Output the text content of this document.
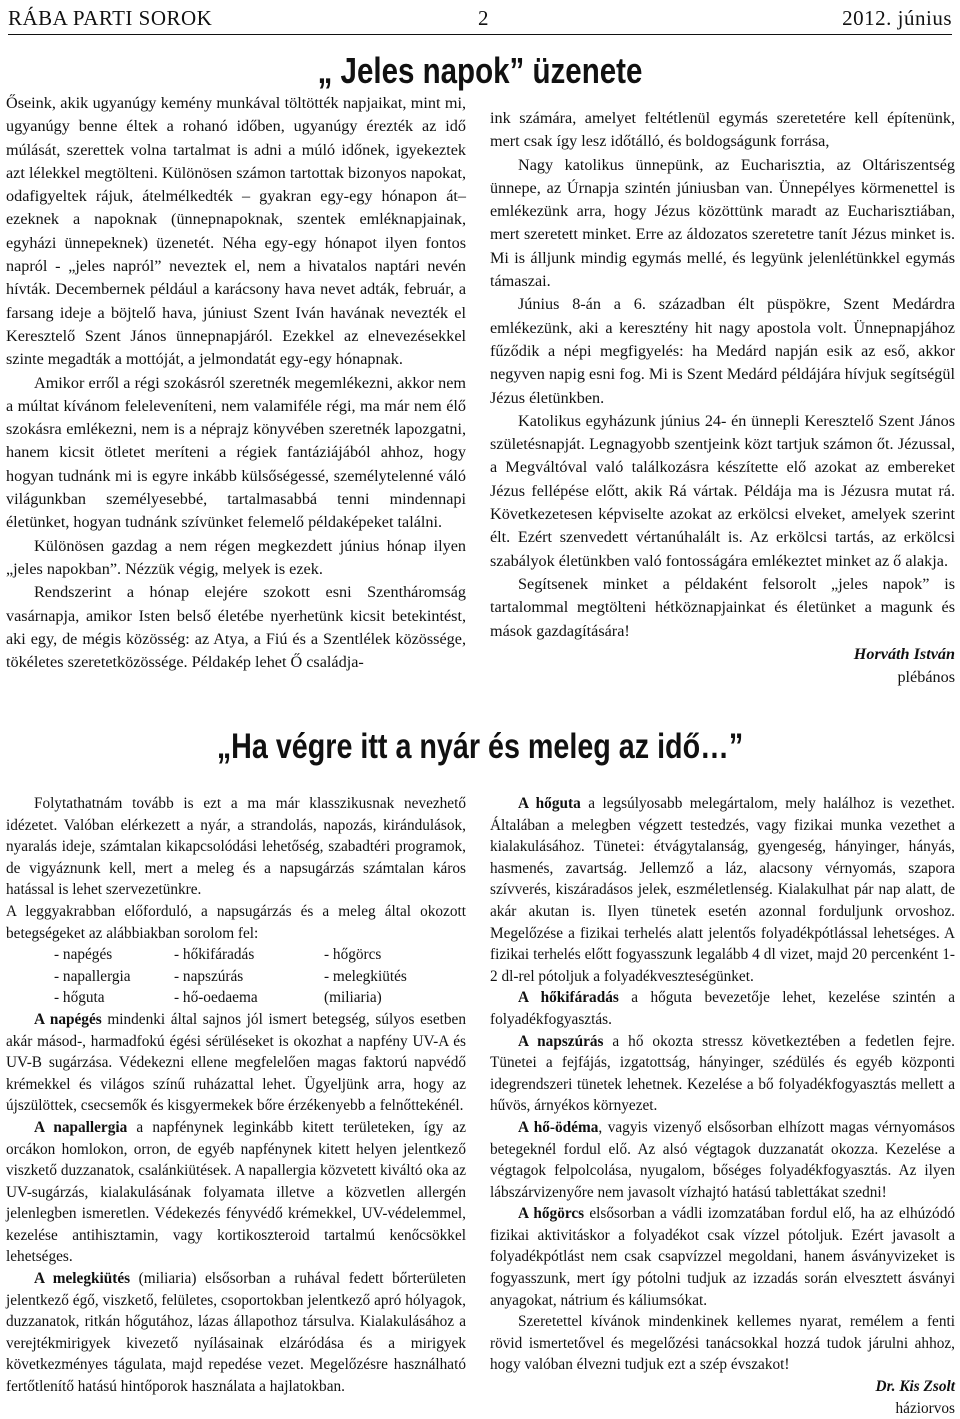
RÁBA PARTI SOROK	2	2012. június
„ Jeles napok” üzenete

Őseink, akik ugyanúgy kemény munkával töltötték napjaikat, mint mi, ugyanúgy benne éltek a rohanó időben, ugyanúgy érezték az idő múlását, szerettek volna tartalmat is adni a múló időnek, igyekeztek azt lélekkel megtölteni. Különösen számon tartottak bizonyos napokat, odafigyeltek rájuk, átelmélkedték – gyakran egy-egy hónapon át– ezeknek a napoknak (ünnepnapoknak, szentek emléknapjainak, egyházi ünnepeknek) üzenetét. Néha egy-egy hónapot ilyen fontos napról - „jeles napról” neveztek el, nem a hivatalos naptári nevén hívták. Decembernek például a karácsony hava nevet adták, február, a farsang ideje a böjtelő hava, júniust Szent Iván havának nevezték el Keresztelő Szent János ünnepnapjáról. Ezekkel az elnevezésekkel szinte megadták a mottóját, a jelmondatát egy-egy hónapnak.

Amikor erről a régi szokásról szeretnék megemlékezni, akkor nem a múltat kívánom feleleveníteni, nem valamiféle régi, ma már nem élő szokásra emlékezni, nem is a néprajz könyvében szeretnék lapozgatni, hanem kicsit ötletet meríteni a régiek fantáziájából ahhoz, hogy hogyan tudnánk mi is egyre inkább külsőségessé, személytelenné váló világunkban személyesebbé, tartalmasabbá tenni mindennapi életünket, hogyan tudnánk szívünket felemelő példaképeket találni.

Különösen gazdag a nem régen megkezdett június hónap ilyen „jeles napokban”. Nézzük végig, melyek is ezek.

Rendszerint a hónap elejére szokott esni Szentháromság vasárnapja, amikor Isten belső életébe nyerhetünk kicsit betekintést, aki egy, de mégis közösség: az Atya, a Fiú és a Szentlélek közössége, tökéletes szeretetközössége. Példakép lehet Ő családja-

ink számára, amelyet feltétlenül egymás szeretetére kell építenünk, mert csak így lesz időtálló, és boldogságunk forrása,

Nagy katolikus ünnepünk, az Eucharisztia, az Oltáriszentség ünnepe, az Úrnapja szintén júniusban van. Ünnepélyes körmenettel is emlékezünk arra, hogy Jézus közöttünk maradt az Eucharisztiában, mert szeretett minket. Erre az áldozatos szeretetre tanít Jézus minket is. Mi is álljunk mindig egymás mellé, és legyünk jelenlétünkkel egymás támaszai.

Június 8-án a 6. században élt püspökre, Szent Medárdra emlékezünk, aki a keresztény hit nagy apostola volt. Ünnepnapjához fűződik a népi megfigyelés: ha Medárd napján esik az eső, akkor negyven napig esni fog. Mi is Szent Medárd példájára hívjuk segítségül Jézus életünkben.

Katolikus egyházunk június 24- én ünnepli Keresztelő Szent János születésnapját. Legnagyobb szentjeink közt tartjuk számon őt. Jézussal, a Megváltóval való találkozásra készítette elő azokat az embereket Jézus fellépése előtt, akik Rá vártak. Példája ma is Jézusra mutat rá. Következetesen képviselte azokat az erkölcsi elveket, amelyek szerint élt. Ezért szenvedett vértanúhalált is. Az erkölcsi tartás, az erkölcsi szabályok életünkben való fontosságára emlékeztet minket az ő alakja.

Segítsenek minket a példaként felsorolt „jeles napok” is tartalommal megtölteni hétköznapjainkat és életünket a magunk és mások gazdagítására!

Horváth István

plébános

„Ha végre itt a nyár és meleg az idő…”

Folytathatnám tovább is ezt a ma már klasszikusnak nevezhető idézetet. Valóban elérkezett a nyár, a strandolás, napozás, kirándulások, nyaralás ideje, számtalan kikapcsolódási lehetőség, szabadtéri programok, de vigyáznunk kell, mert a meleg és a napsugárzás számtalan káros hatással is lehet szervezetünkre.

A leggyakrabban előforduló, a napsugárzás és a meleg által okozott betegségeket az alábbiakban sorolom fel:

- napégés	- hőkifáradás	- hőgörcs
- napallergia	- napszúrás	- melegkiütés
- hőguta	- hő-oedaema	(miliaria)

A napégés mindenki által sajnos jól ismert betegség, súlyos esetben akár másod-, harmadfokú égési sérüléseket is okozhat a napfény UV-A és UV-B sugárzása. Védekezni ellene megfelelően magas faktorú napvédő krémekkel és világos színű ruházattal lehet. Ügyeljünk arra, hogy az újszülöttek, csecsemők és kisgyermekek bőre érzékenyebb a felnőttekénél.

A napallergia a napfénynek leginkább kitett területeken, így az orcákon homlokon, orron, de egyéb napfénynek kitett helyen jelentkező viszkető duzzanatok, csalánkiütések. A napallergia közvetett kiváltó oka az UV-sugárzás, kialakulásának folyamata illetve a közvetlen allergén jelenlegben ismeretlen. Védekezés fényvédő krémekkel, UV-védelemmel, kezelése antihisztamin, vagy kortikoszteroid tartalmú kenőcsökkel lehetséges.

A melegkiütés (miliaria) elsősorban a ruhával fedett bőrterületen jelentkező égő, viszkető, felületes, csoportokban jelentkező apró hólyagok, duzzanatok, ritkán hőgutához, lázas állapothoz társulva. Kialakulásához a verejtékmirigyek kivezető nyílásainak elzáródása és a mirigyek következményes tágulata, majd repedése vezet. Megelőzésre használható fertőtlenítő hatású hintőporok használata a hajlatokban.

A hőguta a legsúlyosabb melegártalom, mely halálhoz is vezethet. Általában a melegben végzett testedzés, vagy fizikai munka vezethet a kialakulásához. Tünetei: étvágytalanság, gyengeség, hányinger, hányás, hasmenés, zavartság. Jellemző a láz, alacsony vérnyomás, szapora szívverés, kiszáradásos jelek, eszméletlenség. Kialakulhat pár nap alatt, de akár akutan is. Ilyen tünetek esetén azonnal forduljunk orvoshoz. Megelőzése a fizikai terhelés alatt jelentős folyadékpótlással lehetséges. A fizikai terhelés előtt fogyasszunk legalább 4 dl vizet, majd 20 percenként 1-2 dl-rel pótoljuk a folyadékveszteségünket.

A hőkifáradás a hőguta bevezetője lehet, kezelése szintén a folyadékfogyasztás.

A napszúrás a hő okozta stressz következtében a fedetlen fejre. Tünetei a fejfájás, izgatottság, hányinger, szédülés és egyéb központi idegrendszeri tünetek lehetnek. Kezelése a bő folyadékfogyasztás mellett a hűvös, árnyékos környezet.

A hő-ödéma, vagyis vizenyő elsősorban elhízott magas vérnyomásos betegeknél fordul elő. Az alsó végtagok duzzanatát okozza. Kezelése a végtagok felpolcolása, nyugalom, bőséges folyadékfogyasztás. Az ilyen lábszárvizenyőre nem javasolt vízhajtó hatású tablettákat szedni!

A hőgörcs elsősorban a vádli izomzatában fordul elő, ha az elhúzódó fizikai aktivitáskor a folyadékot csak vízzel pótoljuk. Ezért javasolt a folyadékpótlást nem csak csapvízzel megoldani, hanem ásványvizeket is fogyasszunk, mert így pótolni tudjuk az izzadás során elvesztett ásványi anyagokat, nátrium és káliumsókat.

Szeretettel kívánok mindenkinek kellemes nyarat, remélem a fenti rövid ismertetővel és megelőzési tanácsokkal hozzá tudok járulni ahhoz, hogy valóban élvezni tudjuk ezt a szép évszakot!

Dr. Kis Zsolt

háziorvos
